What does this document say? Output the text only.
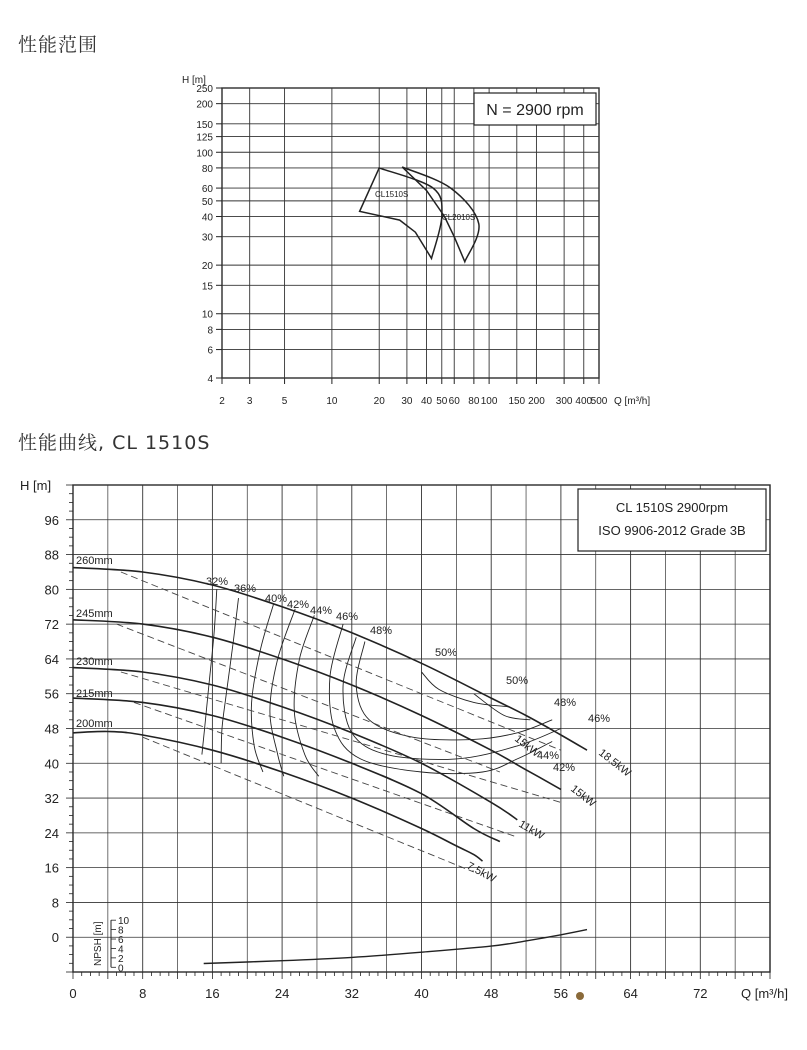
性能范围
性能曲线, CL 1510S
2 3	5	10	20 30 40 50 60 80 100 150 200 300 400
500
4
6
8
10
15
20
30
40
50
60
80
100
125
150
200
250
H [m]
Q [m³/h]
N = 2900 rpm
CL1510S
CL2010S
0	8	16	24	32	40	48	56	64	72
0
8
16
24
32
40
48
56
64
72
80
88
96
H [m]
Q [m³/h]
CL 1510S 2900rpm
ISO 9906-2012 Grade 3B
0
2
4
6
8
10
NPSH [m]
260mm
245mm
230mm
215mm
200mm
32%
36%
40% 42% 44% 46%
48%
50%
50%
48%
46%
44%
42% 18.5kW
15kW
15kW
11kW
7.5kW
